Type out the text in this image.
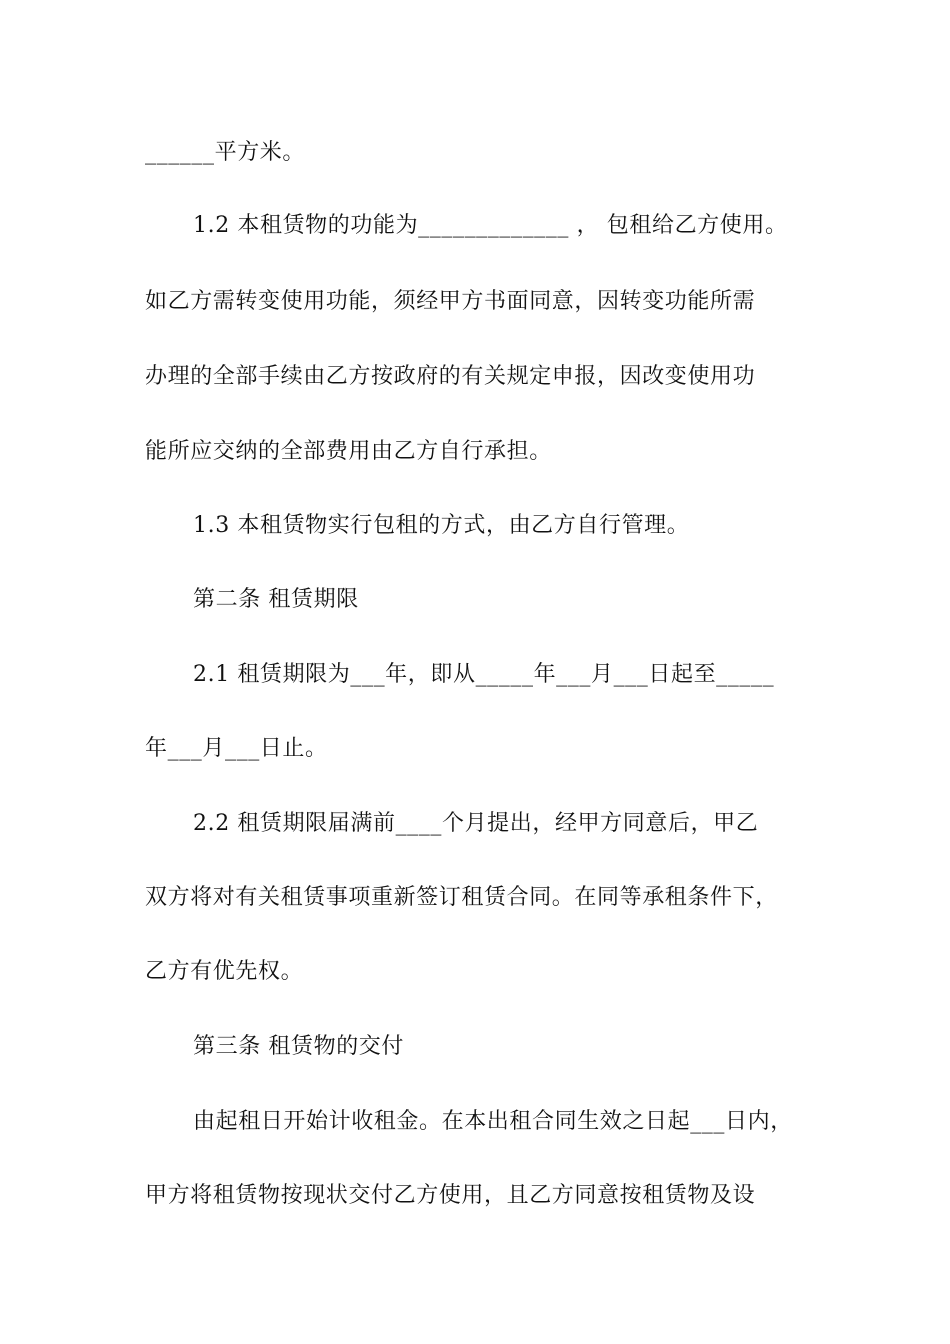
______平方米。
1.2 本租赁物的功能为_____________ ， 包租给乙方使用。
如乙方需转变使用功能，须经甲方书面同意，因转变功能所需
办理的全部手续由乙方按政府的有关规定申报，因改变使用功
能所应交纳的全部费用由乙方自行承担。
1.3 本租赁物实行包租的方式，由乙方自行管理。
第二条 租赁期限
2.1 租赁期限为___年，即从_____年___月___日起至_____
年___月___日止。
2.2 租赁期限届满前____个月提出，经甲方同意后，甲乙
双方将对有关租赁事项重新签订租赁合同。在同等承租条件下，
乙方有优先权。
第三条 租赁物的交付
由起租日开始计收租金。在本出租合同生效之日起___日内，
甲方将租赁物按现状交付乙方使用，且乙方同意按租赁物及设
